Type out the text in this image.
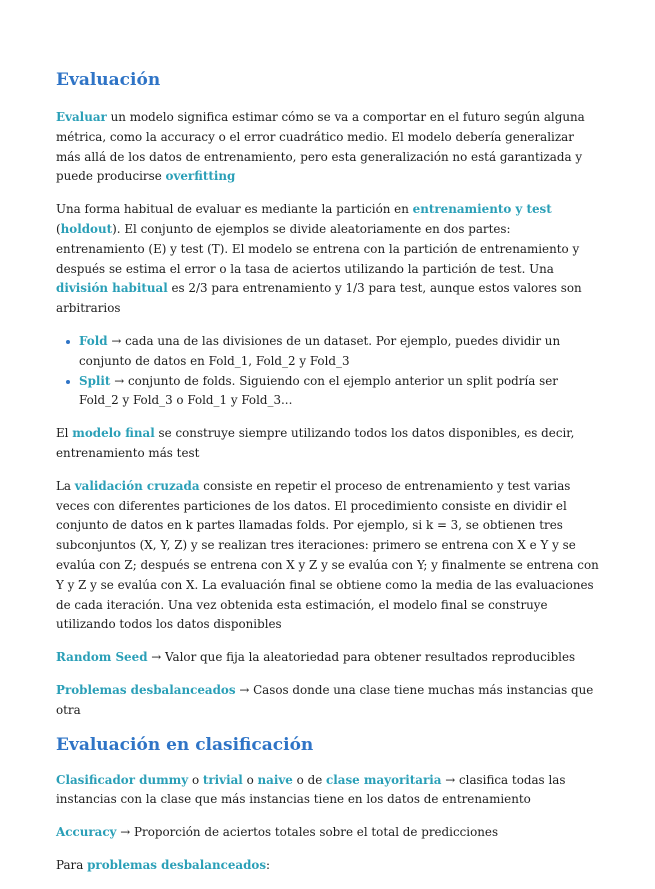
Evaluación

Evaluar un modelo significa estimar cómo se va a comportar en el futuro según alguna métrica, como la accuracy o el error cuadrático medio. El modelo debería generalizar más allá de los datos de entrenamiento, pero esta generalización no está garantizada y puede producirse overfitting

Una forma habitual de evaluar es mediante la partición en entrenamiento y test (holdout). El conjunto de ejemplos se divide aleatoriamente en dos partes: entrenamiento (E) y test (T). El modelo se entrena con la partición de entrenamiento y después se estima el error o la tasa de aciertos utilizando la partición de test. Una división habitual es 2/3 para entrenamiento y 1/3 para test, aunque estos valores son arbitrarios

Fold → cada una de las divisiones de un dataset. Por ejemplo, puedes dividir un conjunto de datos en Fold_1, Fold_2 y Fold_3
Split → conjunto de folds. Siguiendo con el ejemplo anterior un split podría ser Fold_2 y Fold_3 o Fold_1 y Fold_3...

El modelo final se construye siempre utilizando todos los datos disponibles, es decir, entrenamiento más test

La validación cruzada consiste en repetir el proceso de entrenamiento y test varias veces con diferentes particiones de los datos. El procedimiento consiste en dividir el conjunto de datos en k partes llamadas folds. Por ejemplo, si k = 3, se obtienen tres subconjuntos (X, Y, Z) y se realizan tres iteraciones: primero se entrena con X e Y y se evalúa con Z; después se entrena con X y Z y se evalúa con Y; y finalmente se entrena con Y y Z y se evalúa con X. La evaluación final se obtiene como la media de las evaluaciones de cada iteración. Una vez obtenida esta estimación, el modelo final se construye utilizando todos los datos disponibles

Random Seed → Valor que fija la aleatoriedad para obtener resultados reproducibles

Problemas desbalanceados → Casos donde una clase tiene muchas más instancias que otra

Evaluación en clasificación

Clasificador dummy o trivial o naive o de clase mayoritaria → clasifica todas las instancias con la clase que más instancias tiene en los datos de entrenamiento

Accuracy → Proporción de aciertos totales sobre el total de predicciones

Para problemas desbalanceados:
